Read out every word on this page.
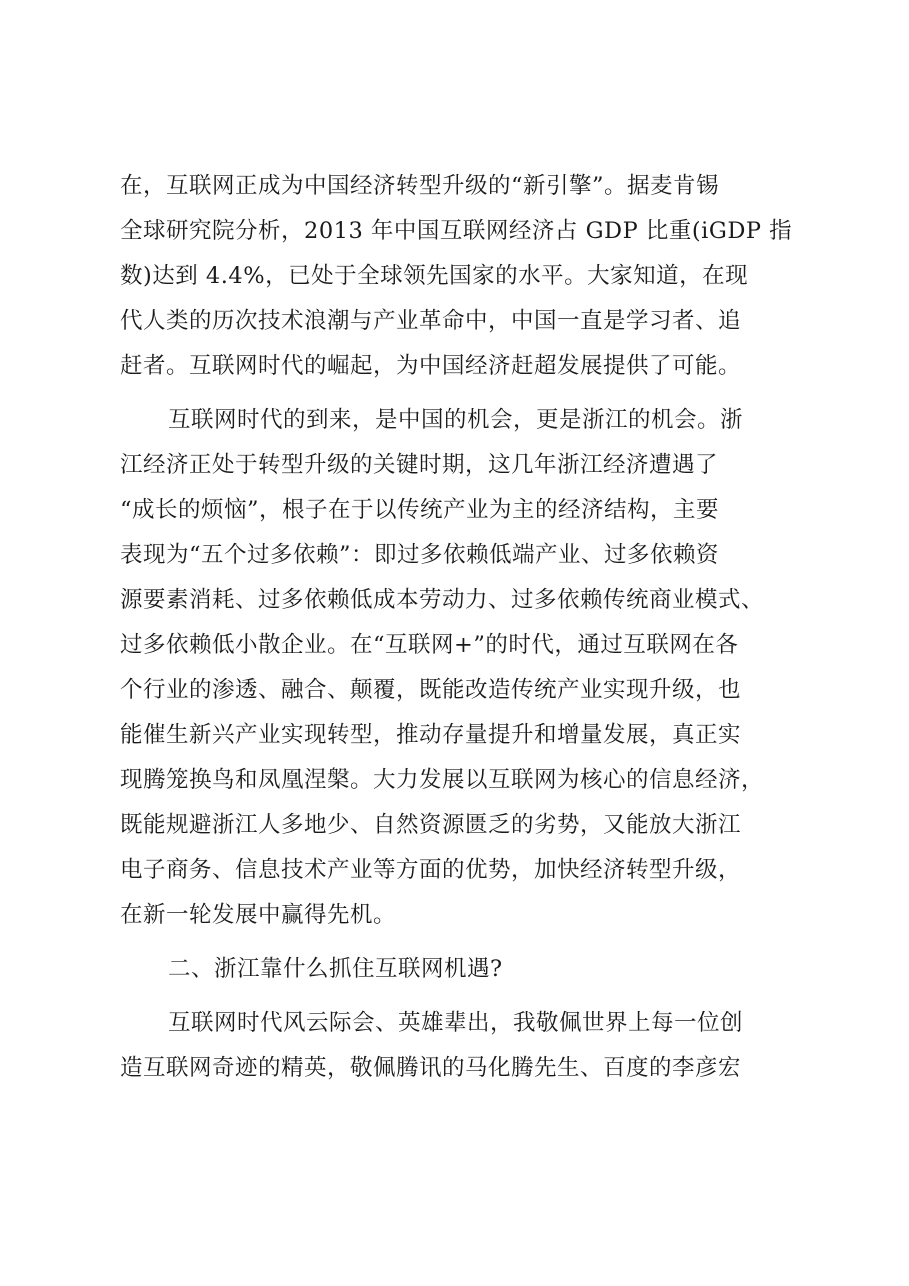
在，互联网正成为中国经济转型升级的“新引擎”。据麦肯锡
全球研究院分析，2013 年中国互联网经济占 GDP 比重(iGDP 指
数)达到 4.4%，已处于全球领先国家的水平。大家知道，在现
代人类的历次技术浪潮与产业革命中，中国一直是学习者、追
赶者。互联网时代的崛起，为中国经济赶超发展提供了可能。
互联网时代的到来，是中国的机会，更是浙江的机会。浙
江经济正处于转型升级的关键时期，这几年浙江经济遭遇了
“成长的烦恼”，根子在于以传统产业为主的经济结构，主要
表现为“五个过多依赖”：即过多依赖低端产业、过多依赖资
源要素消耗、过多依赖低成本劳动力、过多依赖传统商业模式、
过多依赖低小散企业。在“互联网+”的时代，通过互联网在各
个行业的渗透、融合、颠覆，既能改造传统产业实现升级，也
能催生新兴产业实现转型，推动存量提升和增量发展，真正实
现腾笼换鸟和凤凰涅槃。大力发展以互联网为核心的信息经济，
既能规避浙江人多地少、自然资源匮乏的劣势，又能放大浙江
电子商务、信息技术产业等方面的优势，加快经济转型升级，
在新一轮发展中赢得先机。
二、浙江靠什么抓住互联网机遇?
互联网时代风云际会、英雄辈出，我敬佩世界上每一位创
造互联网奇迹的精英，敬佩腾讯的马化腾先生、百度的李彦宏
